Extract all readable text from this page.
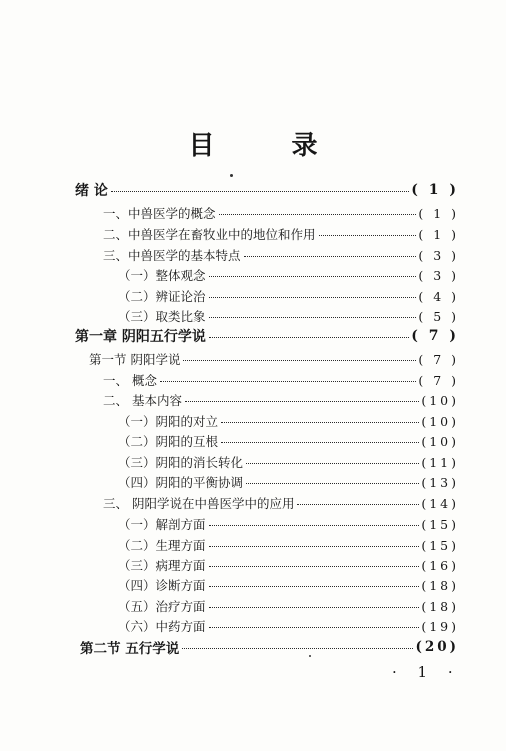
目 录
绪 论	( 1 )
一、中兽医学的概念	( 1 )
二、中兽医学在畜牧业中的地位和作用	( 1 )
三、中兽医学的基本特点	( 3 )
（一）整体观念	( 3 )
（二）辨证论治	( 4 )
（三）取类比象	( 5 )
第一章 阴阳五行学说	( 7 )
第一节 阴阳学说	( 7 )
一、 概念	( 7 )
二、 基本内容	(10)
（一）阴阳的对立	(10)
（二）阴阳的互根	(10)
（三）阴阳的消长转化	(11)
（四）阴阳的平衡协调	(13)
三、 阴阳学说在中兽医学中的应用	(14)
（一）解剖方面	(15)
（二）生理方面	(15)
（三）病理方面	(16)
（四）诊断方面	(18)
（五）治疗方面	(18)
（六）中药方面	(19)
第二节 五行学说	(20)
· 1 ·
